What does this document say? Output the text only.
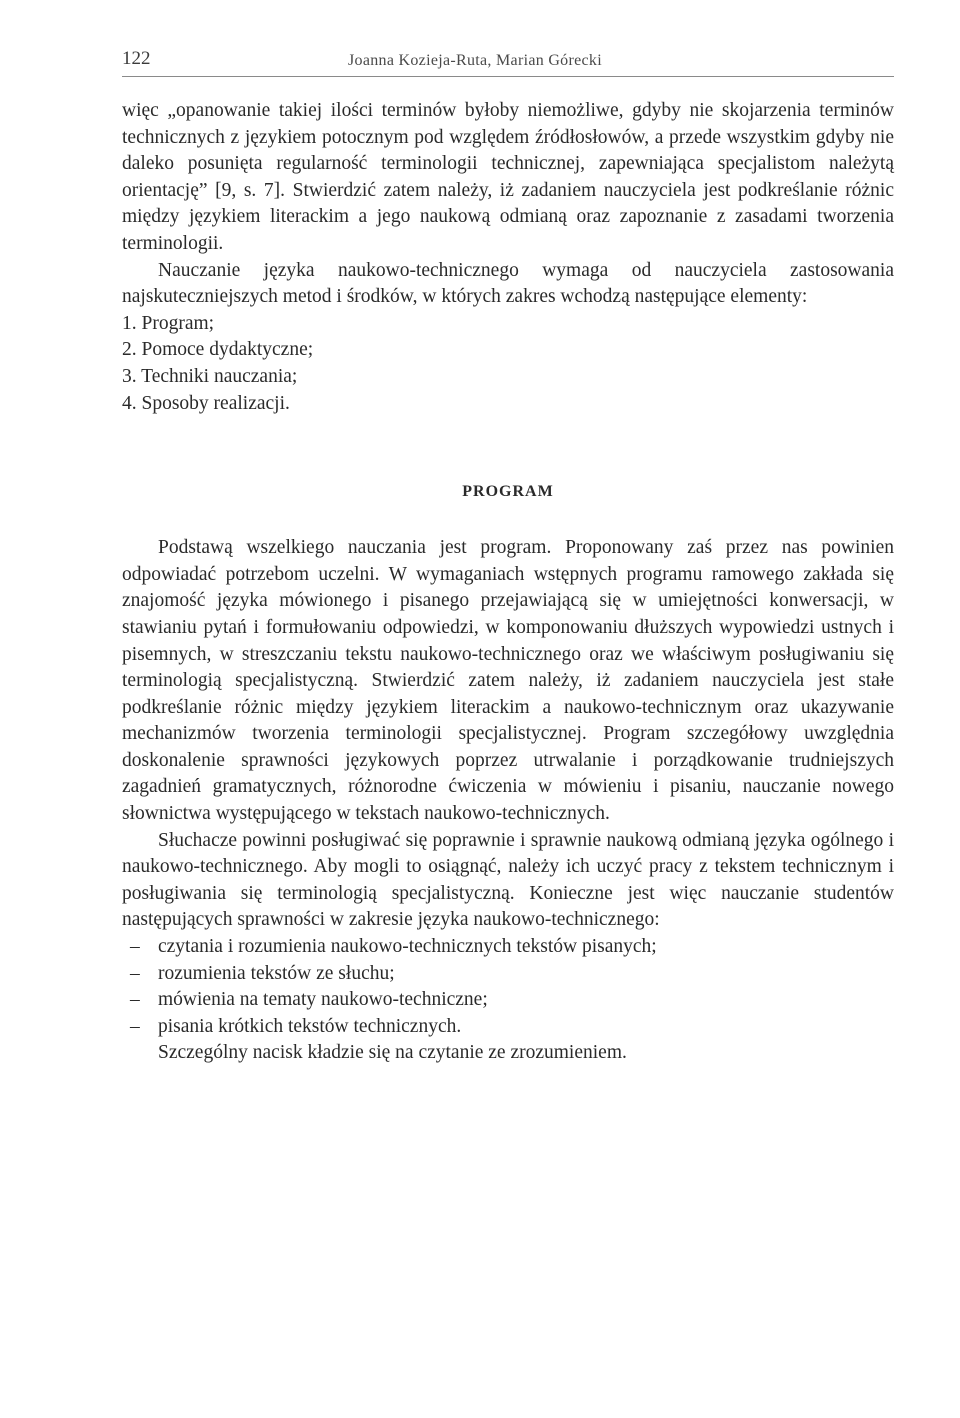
122	Joanna Kozieja-Ruta, Marian Górecki

więc „opanowanie takiej ilości terminów byłoby niemożliwe, gdyby nie skojarzenia terminów technicznych z językiem potocznym pod względem źródłosłowów, a przede wszystkim gdyby nie daleko posunięta regularność terminologii technicznej, zapewniająca specjalistom należytą orientację” [9, s. 7]. Stwierdzić zatem należy, iż zadaniem nauczyciela jest podkreślanie różnic między językiem literackim a jego naukową odmianą oraz zapoznanie z zasadami tworzenia terminologii.

Nauczanie języka naukowo-technicznego wymaga od nauczyciela zastosowania najskuteczniejszych metod i środków, w których zakres wchodzą następujące elementy:

1. Program;
2. Pomoce dydaktyczne;
3. Techniki nauczania;
4. Sposoby realizacji.
PROGRAM

Podstawą wszelkiego nauczania jest program. Proponowany zaś przez nas powinien odpowiadać potrzebom uczelni. W wymaganiach wstępnych programu ramowego zakłada się znajomość języka mówionego i pisanego przejawiającą się w umiejętności konwersacji, w stawianiu pytań i formułowaniu odpowiedzi, w komponowaniu dłuższych wypowiedzi ustnych i pisemnych, w streszczaniu tekstu naukowo-technicznego oraz we właściwym posługiwaniu się terminologią specjalistyczną. Stwierdzić zatem należy, iż zadaniem nauczyciela jest stałe podkreślanie różnic między językiem literackim a naukowo-technicznym oraz ukazywanie mechanizmów tworzenia terminologii specjalistycznej. Program szczegółowy uwzględnia doskonalenie sprawności językowych poprzez utrwalanie i porządkowanie trudniejszych zagadnień gramatycznych, różnorodne ćwiczenia w mówieniu i pisaniu, nauczanie nowego słownictwa występującego w tekstach naukowo-technicznych.

Słuchacze powinni posługiwać się poprawnie i sprawnie naukową odmianą języka ogólnego i naukowo-technicznego. Aby mogli to osiągnąć, należy ich uczyć pracy z tekstem technicznym i posługiwania się terminologią specjalistyczną. Konieczne jest więc nauczanie studentów następujących sprawności w zakresie języka naukowo-technicznego:

– czytania i rozumienia naukowo-technicznych tekstów pisanych;
– rozumienia tekstów ze słuchu;
– mówienia na tematy naukowo-techniczne;
– pisania krótkich tekstów technicznych.

Szczególny nacisk kładzie się na czytanie ze zrozumieniem.
